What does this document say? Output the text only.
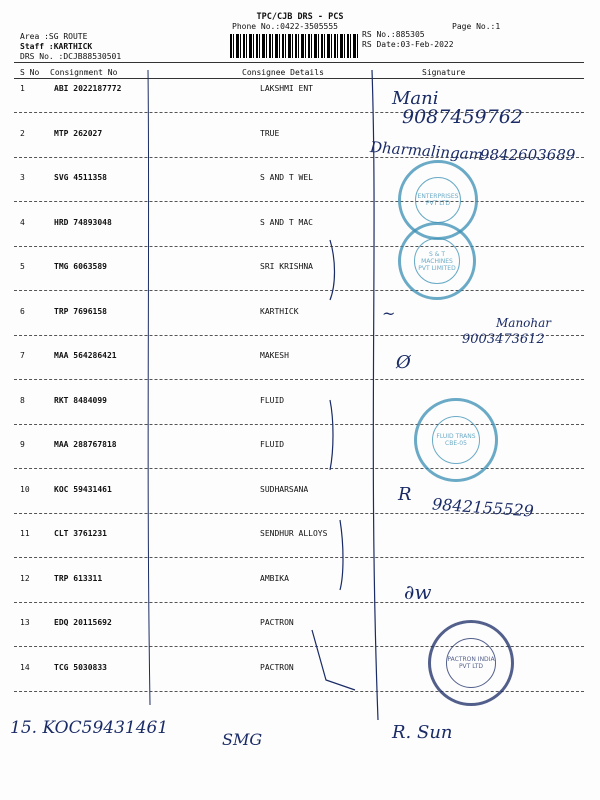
TPC/CJB DRS - PCS
Phone No.:0422-3505555	Page No.:1
Area :SG ROUTE
Staff :KARTHICK
DRS No. :DCJB88530501
RS No.:885305
RS Date:03-Feb-2022
S No Consignment No	Consignee Details	Signature
1	ABI 2022187772	LAKSHMI ENT
2	MTP 262027	TRUE
3	SVG 4511358	S AND T WEL
4	HRD 74893048	S AND T MAC
5	TMG 6063589	SRI KRISHNA
6	TRP 7696158	KARTHICK
7	MAA 564286421	MAKESH
8	RKT 8484099	FLUID
9	MAA 288767818	FLUID
10	KOC 59431461	SUDHARSANA
11	CLT 3761231	SENDHUR ALLOYS
12	TRP 613311	AMBIKA
13	EDQ 20115692	PACTRON
14	TCG 5030833	PACTRON
ENTERPRISES PVT LTD
S & T MACHINES PVT LIMITED
FLUID TRANS CBE-05
PACTRON INDIA PVT LTD
Mani
9087459762
Dharmalingam
9842603689
~	Manohar
9003473612
Ø
R 9842155529
∂w
15. KOC59431461
SMG	R. Sun
